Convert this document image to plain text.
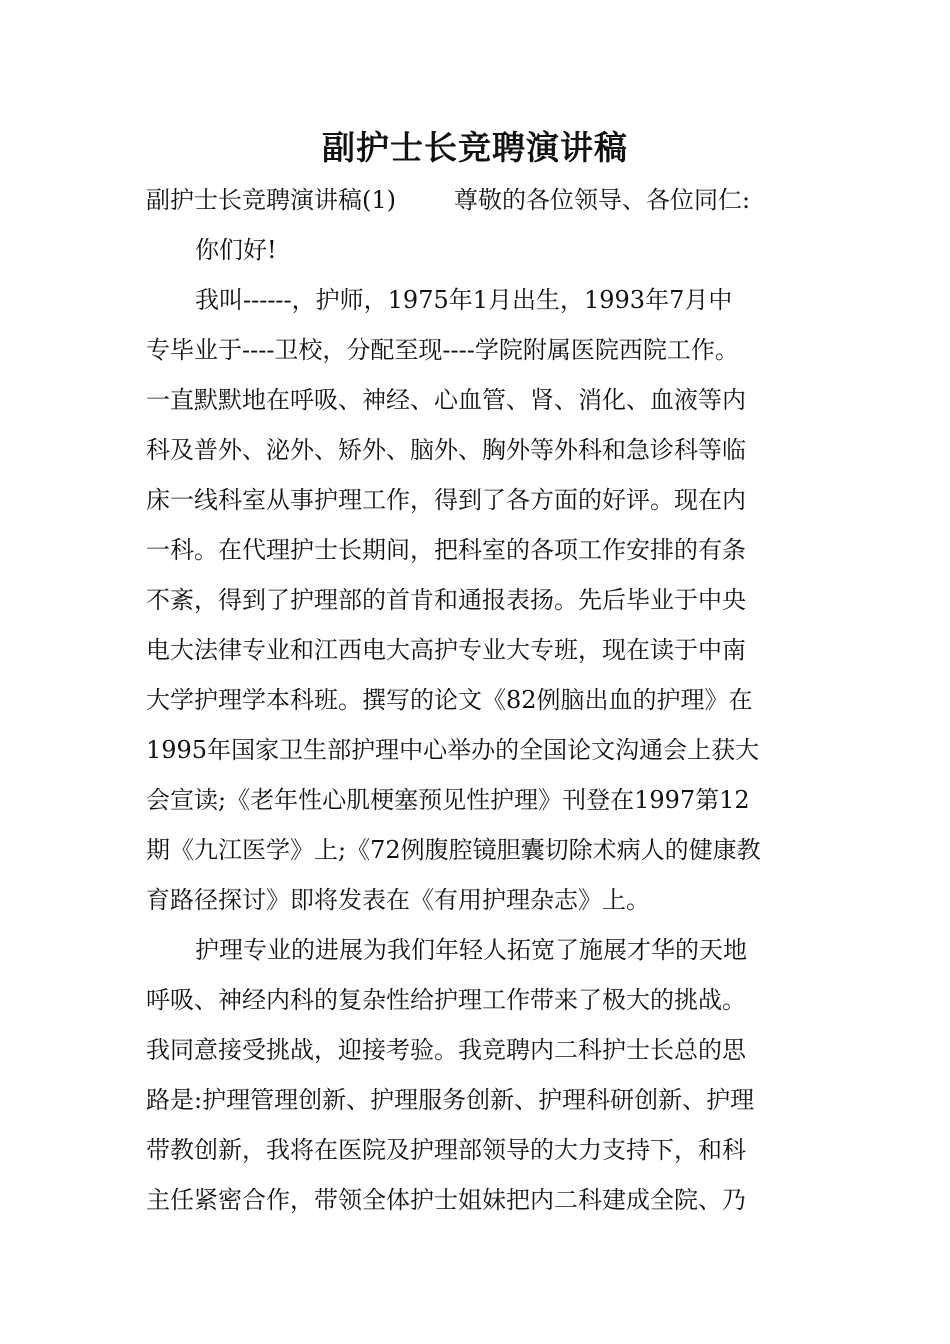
副护士长竞聘演讲稿
副护士长竞聘演讲稿(1) 尊敬的各位领导、各位同仁:
你们好!
我叫------，护师，1975年1月出生，1993年7月中
专毕业于----卫校，分配至现----学院附属医院西院工作。
一直默默地在呼吸、神经、心血管、肾、消化、血液等内
科及普外、泌外、矫外、脑外、胸外等外科和急诊科等临
床一线科室从事护理工作，得到了各方面的好评。现在内
一科。在代理护士长期间，把科室的各项工作安排的有条
不紊，得到了护理部的首肯和通报表扬。先后毕业于中央
电大法律专业和江西电大高护专业大专班，现在读于中南
大学护理学本科班。撰写的论文《82例脑出血的护理》在
1995年国家卫生部护理中心举办的全国论文沟通会上获大
会宣读;《老年性心肌梗塞预见性护理》刊登在1997第12
期《九江医学》上;《72例腹腔镜胆囊切除术病人的健康教
育路径探讨》即将发表在《有用护理杂志》上。
护理专业的进展为我们年轻人拓宽了施展才华的天地
呼吸、神经内科的复杂性给护理工作带来了极大的挑战。
我同意接受挑战，迎接考验。我竞聘内二科护士长总的思
路是:护理管理创新、护理服务创新、护理科研创新、护理
带教创新，我将在医院及护理部领导的大力支持下，和科
主任紧密合作，带领全体护士姐妹把内二科建成全院、乃
